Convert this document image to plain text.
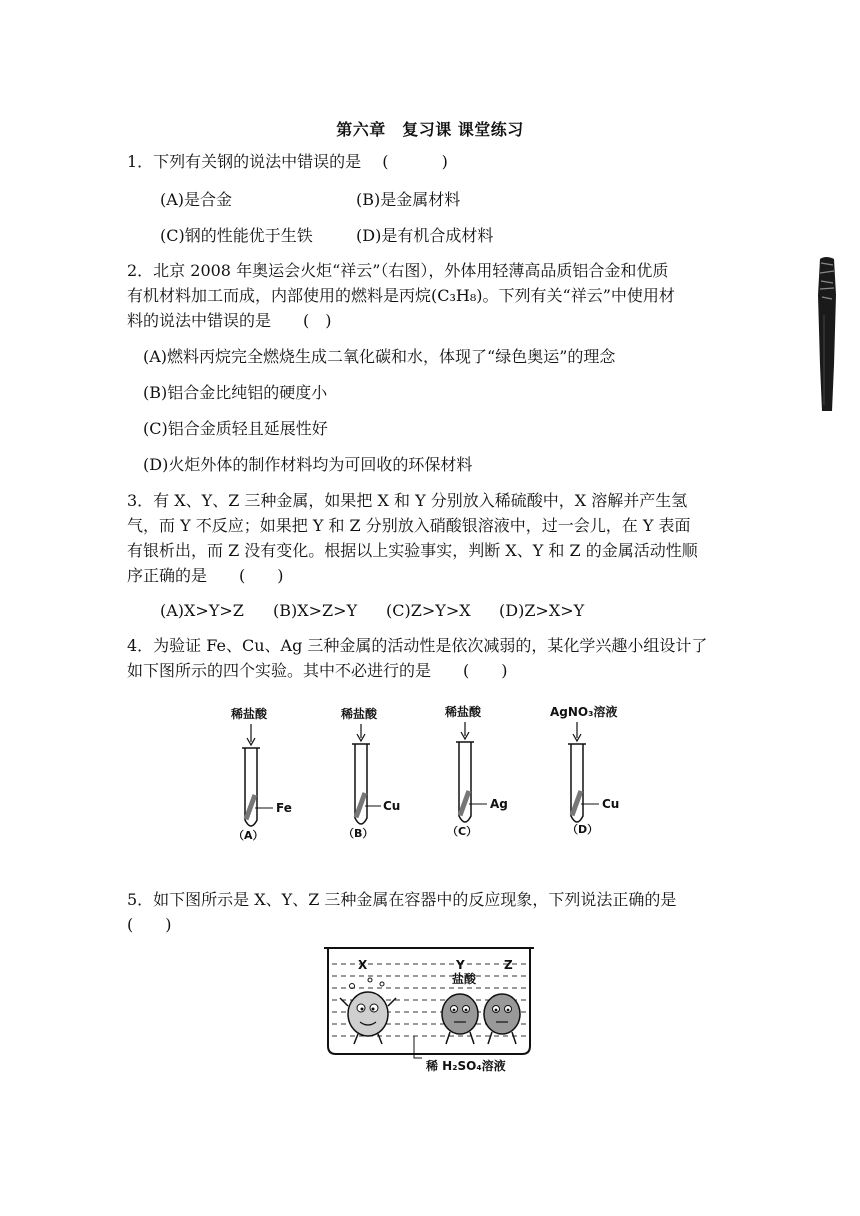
第六章　复习课 课堂练习
1．下列有关钢的说法中错误的是　 (　　　 )
(A)是合金	(B)是金属材料
(C)钢的性能优于生铁	(D)是有机合成材料
2．北京 2008 年奥运会火炬“祥云”（右图），外体用轻薄高品质铝合金和优质
有机材料加工而成，内部使用的燃料是丙烷(C₃H₈)。下列有关“祥云”中使用材
料的说法中错误的是　　(　)
(A)燃料丙烷完全燃烧生成二氧化碳和水，体现了“绿色奥运”的理念
(B)铝合金比纯铝的硬度小
(C)铝合金质轻且延展性好
(D)火炬外体的制作材料均为可回收的环保材料
3．有 X、Y、Z 三种金属，如果把 X 和 Y 分别放入稀硫酸中，X 溶解并产生氢
气，而 Y 不反应；如果把 Y 和 Z 分别放入硝酸银溶液中，过一会儿，在 Y 表面
有银析出，而 Z 没有变化。根据以上实验事实，判断 X、Y 和 Z 的金属活动性顺
序正确的是　　(　　)
(A)X>Y>Z (B)X>Z>Y (C)Z>Y>X (D)Z>X>Y
4．为验证 Fe、Cu、Ag 三种金属的活动性是依次减弱的，某化学兴趣小组设计了
如下图所示的四个实验。其中不必进行的是　　(　　)
稀盐酸
Fe
（A）
稀盐酸
Cu
（B）
稀盐酸
Ag
（C）
AgNO₃溶液
Cu
（D）
5．如下图所示是 X、Y、Z 三种金属在容器中的反应现象，下列说法正确的是
(　　)
X	Y	Z
盐酸
稀 H₂SO₄溶液
